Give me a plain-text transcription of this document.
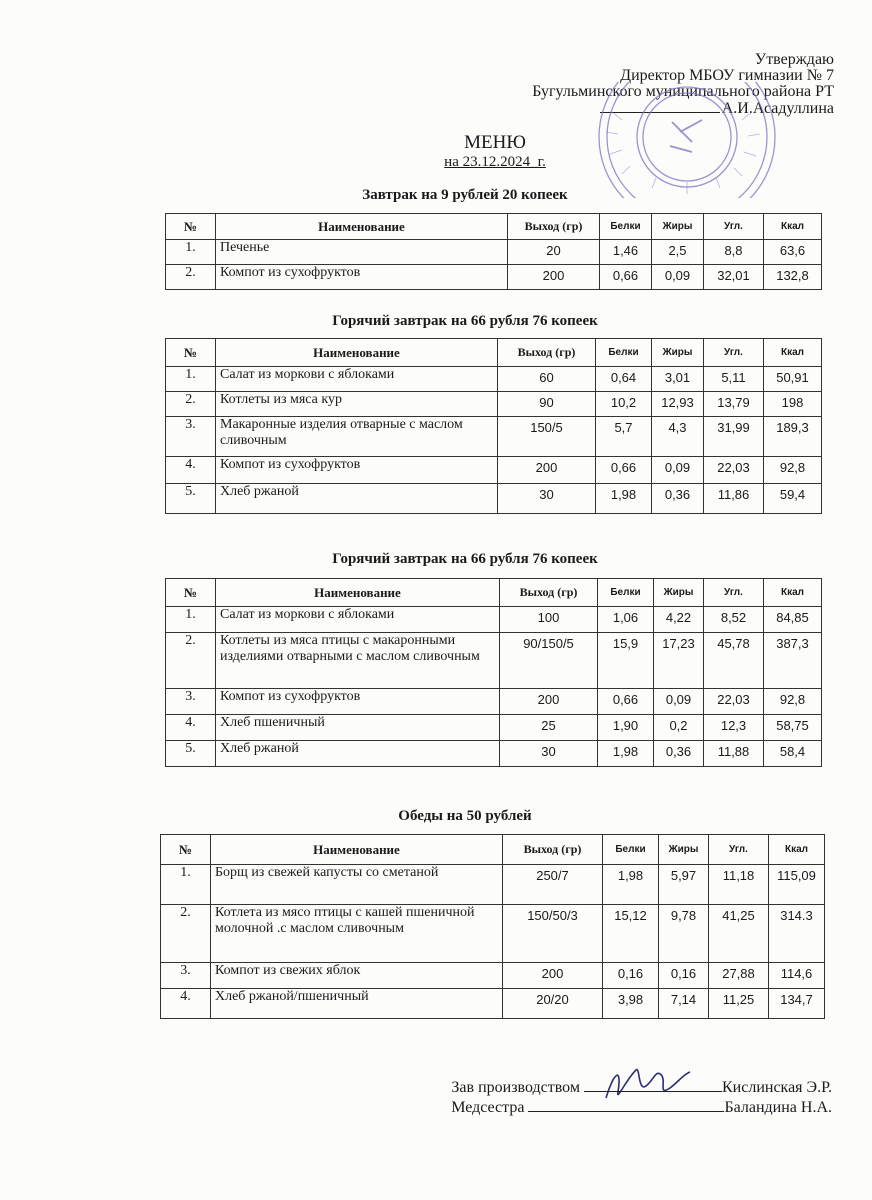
Утверждаю
Директор МБОУ гимназии № 7
Бугульминского муниципального района РТ
А.И.Асадуллина
МЕНЮ
на 23.12.2024_г.
Завтрак на 9 рублей 20 копеек
№	Наименование	Выход (гр)	Белки	Жиры	Угл.	Ккал
1.	Печенье	20	1,46	2,5	8,8	63,6
2.	Компот из сухофруктов	200	0,66	0,09	32,01	132,8
Горячий завтрак на 66 рубля 76 копеек
№	Наименование	Выход (гр)	Белки	Жиры	Угл.	Ккал
1.	Салат из моркови с яблоками	60	0,64	3,01	5,11	50,91
2.	Котлеты из мяса кур	90	10,2	12,93	13,79	198
3.	Макаронные изделия отварные с маслом сливочным	150/5	5,7	4,3	31,99	189,3
4.	Компот из сухофруктов	200	0,66	0,09	22,03	92,8
5.	Хлеб ржаной	30	1,98	0,36	11,86	59,4
Горячий завтрак на 66 рубля 76 копеек
№	Наименование	Выход (гр)	Белки	Жиры	Угл.	Ккал
1.	Салат из моркови с яблоками	100	1,06	4,22	8,52	84,85
2.	Котлеты из мяса птицы с макаронными изделиями отварными с маслом сливочным	90/150/5	15,9	17,23	45,78	387,3
3.	Компот из сухофруктов	200	0,66	0,09	22,03	92,8
4.	Хлеб пшеничный	25	1,90	0,2	12,3	58,75
5.	Хлеб ржаной	30	1,98	0,36	11,88	58,4
Обеды на 50 рублей
№	Наименование	Выход (гр)	Белки	Жиры	Угл.	Ккал
1.	Борщ из свежей капусты со сметаной	250/7	1,98	5,97	11,18	115,09
2.	Котлета из мясо птицы с кашей пшеничной молочной .с маслом сливочным	150/50/3	15,12	9,78	41,25	314.3
3.	Компот из свежих яблок	200	0,16	0,16	27,88	114,6
4.	Хлеб ржаной/пшеничный	20/20	3,98	7,14	11,25	134,7
Зав производством	Кислинская Э.Р.
Медсестра	Баландина Н.А.
